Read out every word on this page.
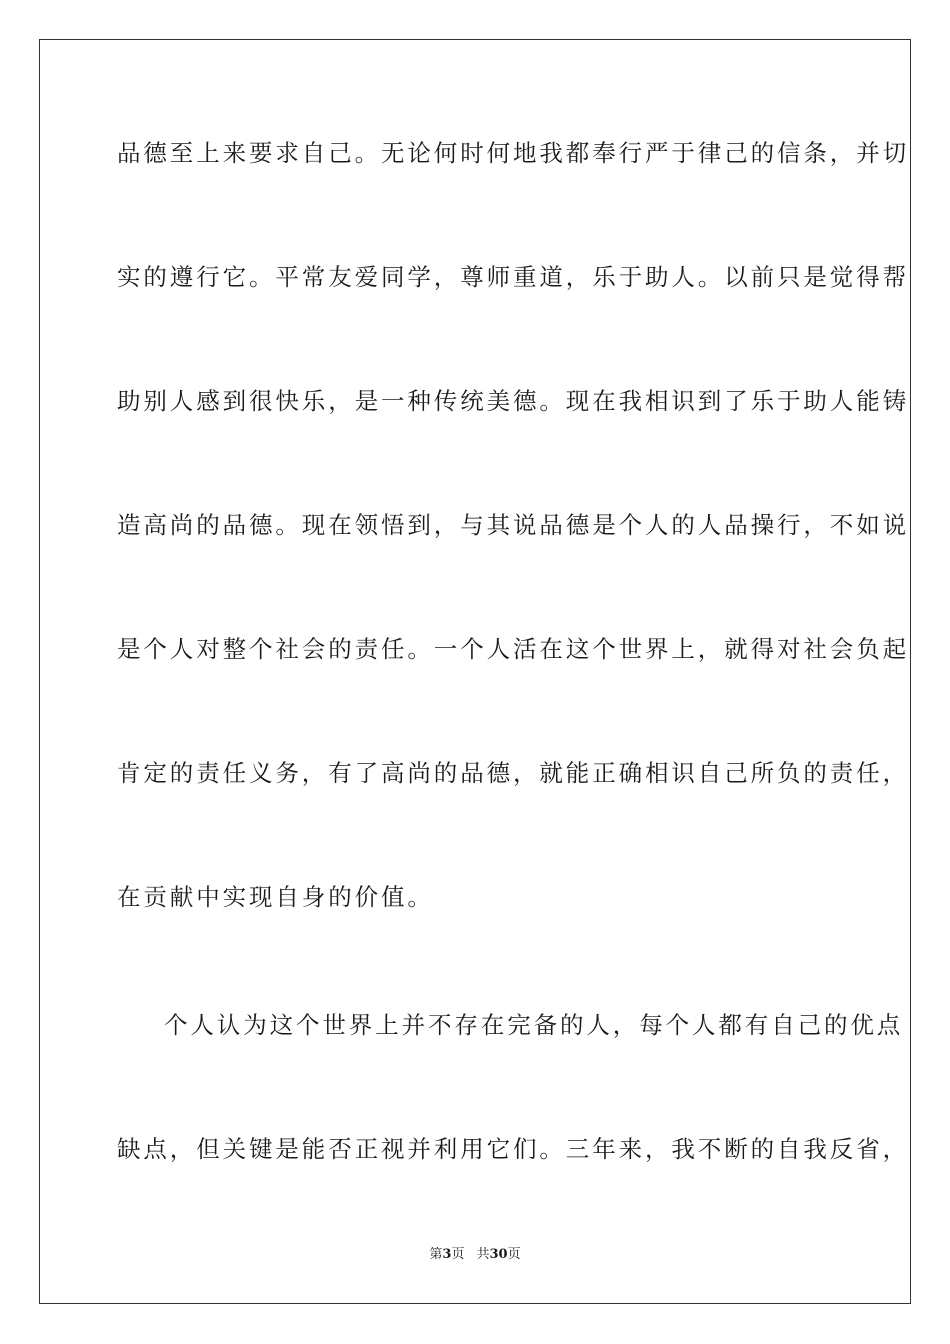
品德至上来要求自己。无论何时何地我都奉行严于律己的信条，并切
实的遵行它。平常友爱同学，尊师重道，乐于助人。以前只是觉得帮
助别人感到很快乐，是一种传统美德。现在我相识到了乐于助人能铸
造高尚的品德。现在领悟到，与其说品德是个人的人品操行，不如说
是个人对整个社会的责任。一个人活在这个世界上，就得对社会负起
肯定的责任义务，有了高尚的品德，就能正确相识自己所负的责任，
在贡献中实现自身的价值。
个人认为这个世界上并不存在完备的人，每个人都有自己的优点
缺点，但关键是能否正视并利用它们。三年来，我不断的自我反省，
第3页 共30页
